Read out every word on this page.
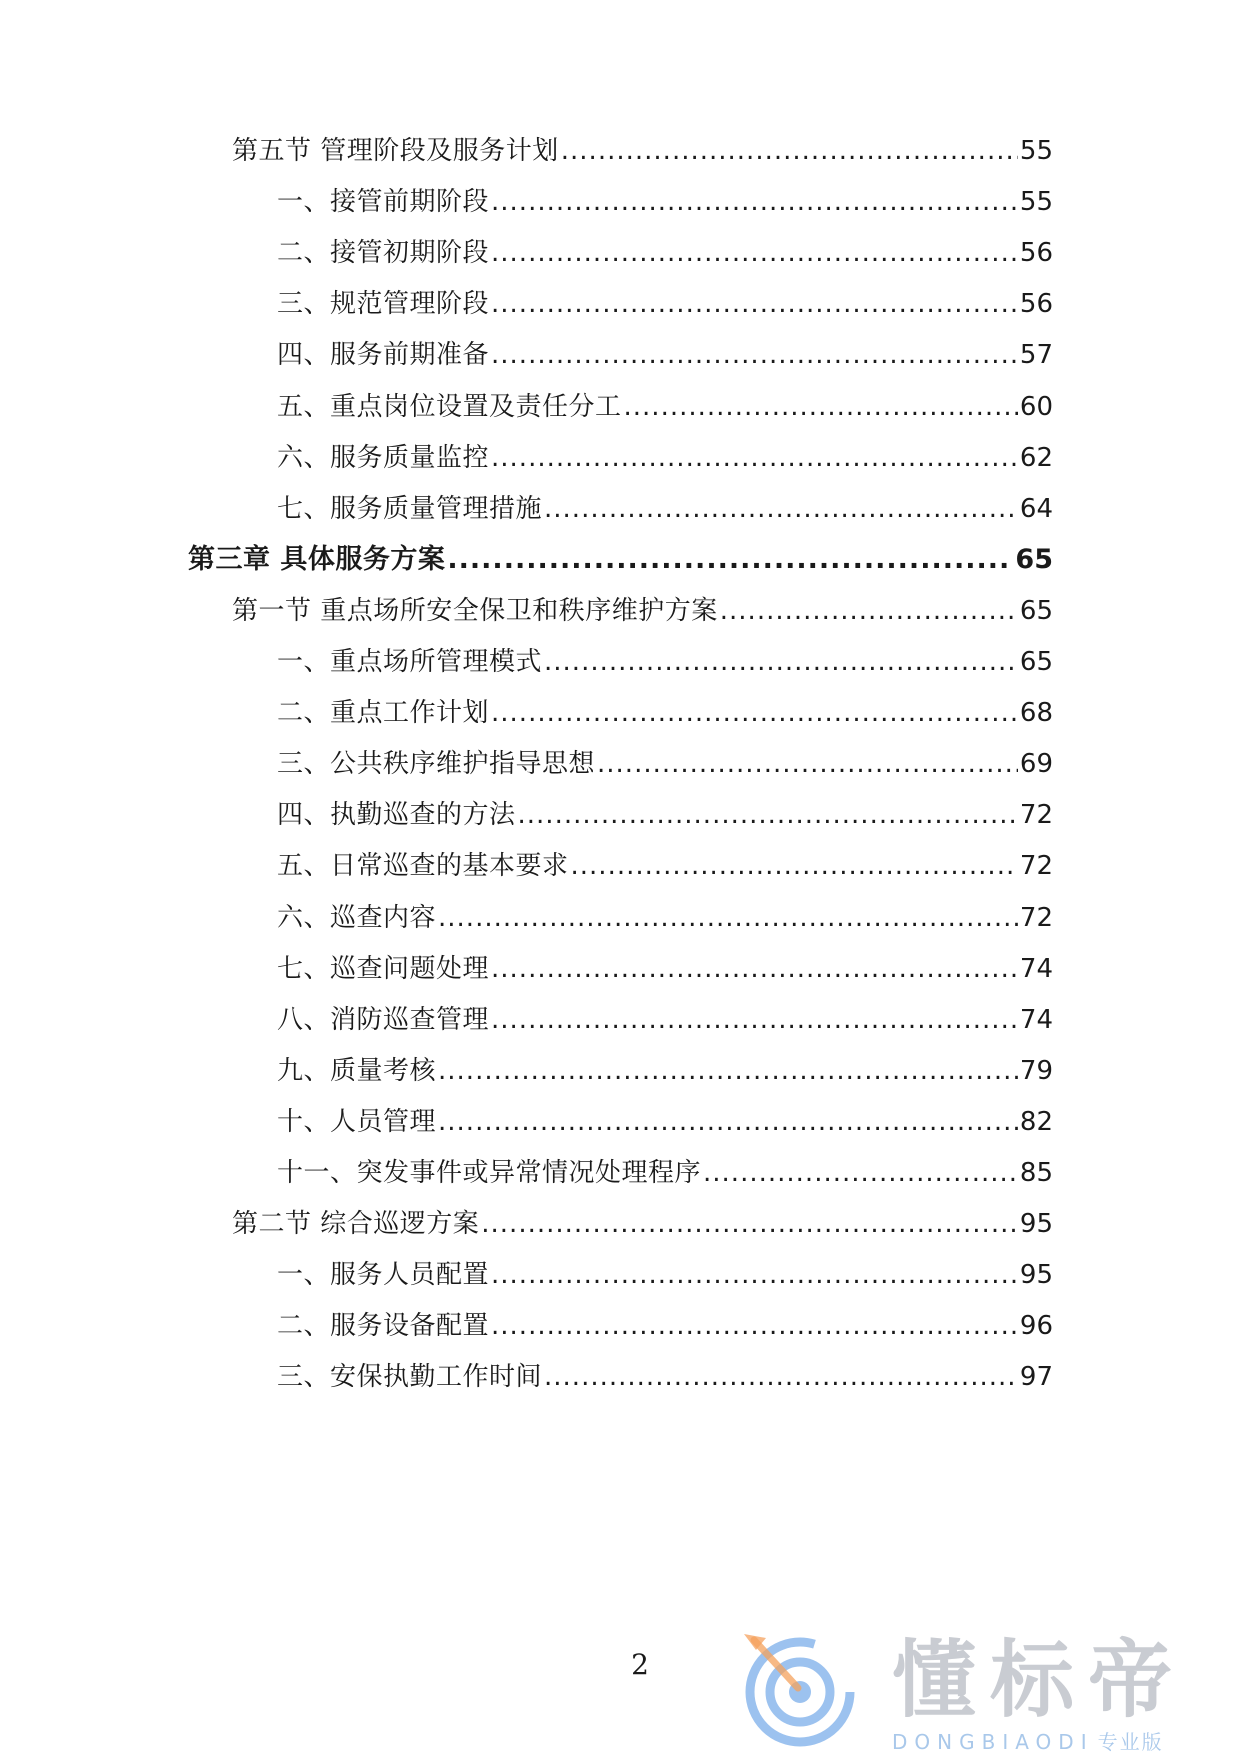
第五节 管理阶段及服务计划 .....	55
一、接管前期阶段 .....	55
二、接管初期阶段 .....	56
三、规范管理阶段 .....	56
四、服务前期准备 .....	57
五、重点岗位设置及责任分工 .....	60
六、服务质量监控 .....	62
七、服务质量管理措施 .....	64
第三章 具体服务方案 .....	65
第一节 重点场所安全保卫和秩序维护方案 .....	65
一、重点场所管理模式 .....	65
二、重点工作计划 .....	68
三、公共秩序维护指导思想 .....	69
四、执勤巡查的方法 .....	72
五、日常巡查的基本要求 .....	72
六、巡查内容 .....	72
七、巡查问题处理 .....	74
八、消防巡查管理 .....	74
九、质量考核 .....	79
十、人员管理 .....	82
十一、突发事件或异常情况处理程序 .....	85
第二节 综合巡逻方案 .....	95
一、服务人员配置 .....	95
二、服务设备配置 .....	96
三、安保执勤工作时间 .....	97
2	懂标帝
DONGBIAODI 专业版
